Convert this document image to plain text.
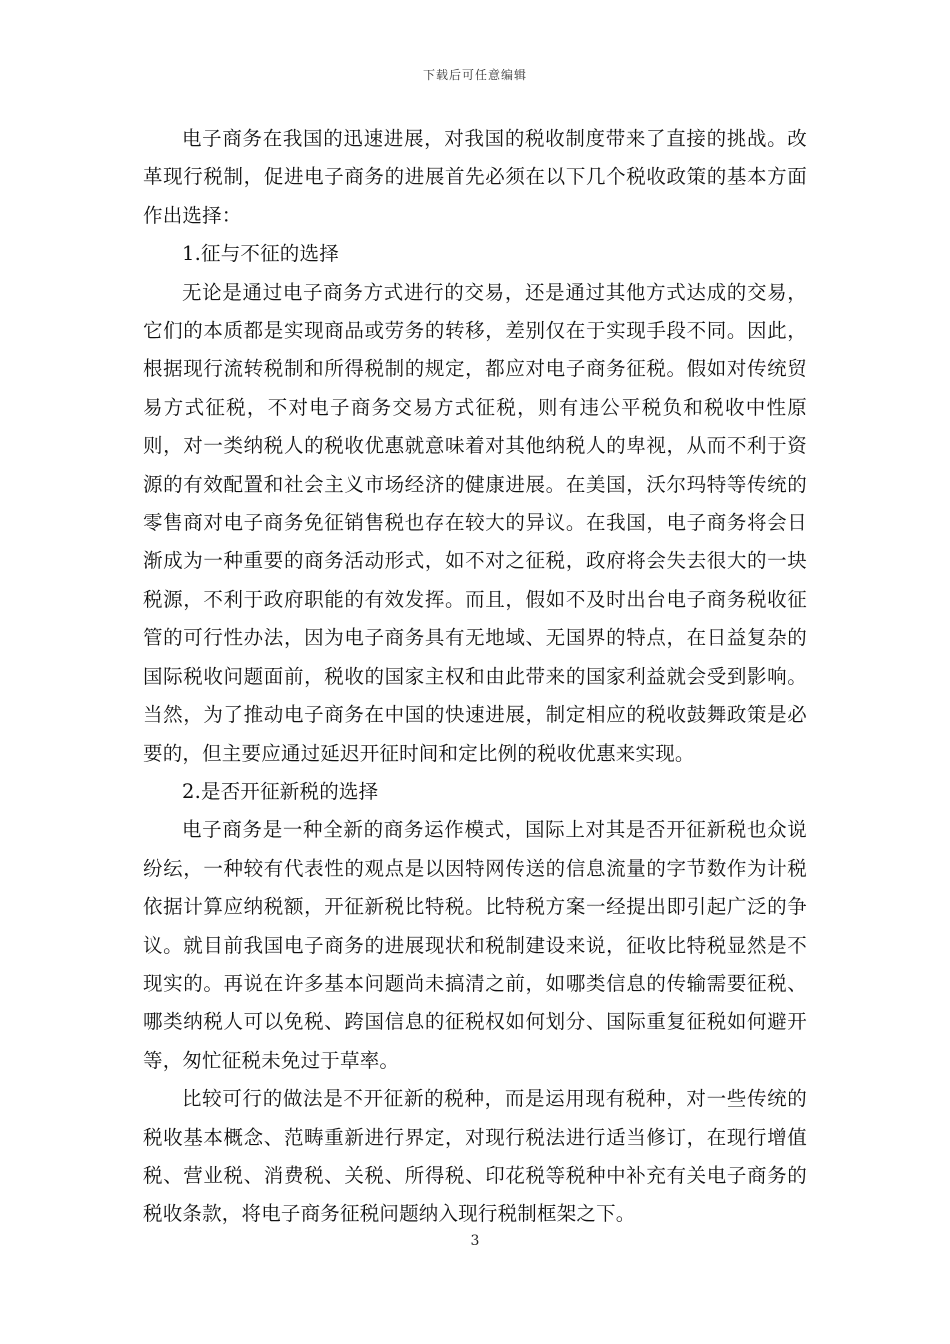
下载后可任意编辑

电子商务在我国的迅速进展，对我国的税收制度带来了直接的挑战。改革现行税制，促进电子商务的进展首先必须在以下几个税收政策的基本方面作出选择：

1.征与不征的选择

无论是通过电子商务方式进行的交易，还是通过其他方式达成的交易，它们的本质都是实现商品或劳务的转移，差别仅在于实现手段不同。因此，根据现行流转税制和所得税制的规定，都应对电子商务征税。假如对传统贸易方式征税，不对电子商务交易方式征税，则有违公平税负和税收中性原则，对一类纳税人的税收优惠就意味着对其他纳税人的卑视，从而不利于资源的有效配置和社会主义市场经济的健康进展。在美国，沃尔玛特等传统的零售商对电子商务免征销售税也存在较大的异议。在我国，电子商务将会日渐成为一种重要的商务活动形式，如不对之征税，政府将会失去很大的一块税源，不利于政府职能的有效发挥。而且，假如不及时出台电子商务税收征管的可行性办法，因为电子商务具有无地域、无国界的特点，在日益复杂的国际税收问题面前，税收的国家主权和由此带来的国家利益就会受到影响。当然，为了推动电子商务在中国的快速进展，制定相应的税收鼓舞政策是必要的，但主要应通过延迟开征时间和定比例的税收优惠来实现。

2.是否开征新税的选择

电子商务是一种全新的商务运作模式，国际上对其是否开征新税也众说纷纭，一种较有代表性的观点是以因特网传送的信息流量的字节数作为计税依据计算应纳税额，开征新税比特税。比特税方案一经提出即引起广泛的争议。就目前我国电子商务的进展现状和税制建设来说，征收比特税显然是不现实的。再说在许多基本问题尚未搞清之前，如哪类信息的传输需要征税、哪类纳税人可以免税、跨国信息的征税权如何划分、国际重复征税如何避开等，匆忙征税未免过于草率。

比较可行的做法是不开征新的税种，而是运用现有税种，对一些传统的税收基本概念、范畴重新进行界定，对现行税法进行适当修订，在现行增值税、营业税、消费税、关税、所得税、印花税等税种中补充有关电子商务的税收条款，将电子商务征税问题纳入现行税制框架之下。

3
